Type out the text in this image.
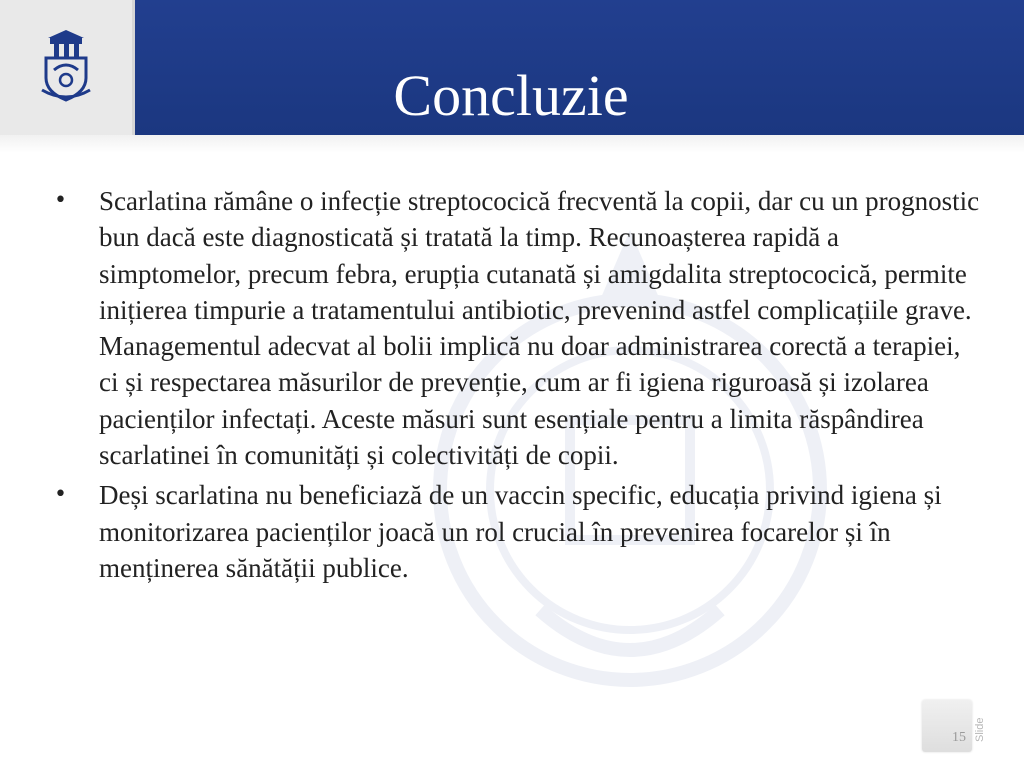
Concluzie
• Scarlatina rămâne o infecție streptococică frecventă la copii, dar cu un prognostic bun dacă este diagnosticată și tratată la timp. Recunoașterea rapidă a simptomelor, precum febra, erupția cutanată și amigdalita streptococică, permite inițierea timpurie a tratamentului antibiotic, prevenind astfel complicațiile grave. Managementul adecvat al bolii implică nu doar administrarea corectă a terapiei, ci și respectarea măsurilor de prevenție, cum ar fi igiena riguroasă și izolarea pacienților infectați. Aceste măsuri sunt esențiale pentru a limita răspândirea scarlatinei în comunități și colectivități de copii.

• Deși scarlatina nu beneficiază de un vaccin specific, educația privind igiena și monitorizarea pacienților joacă un rol crucial în prevenirea focarelor și în menținerea sănătății publice.

15 Slide
